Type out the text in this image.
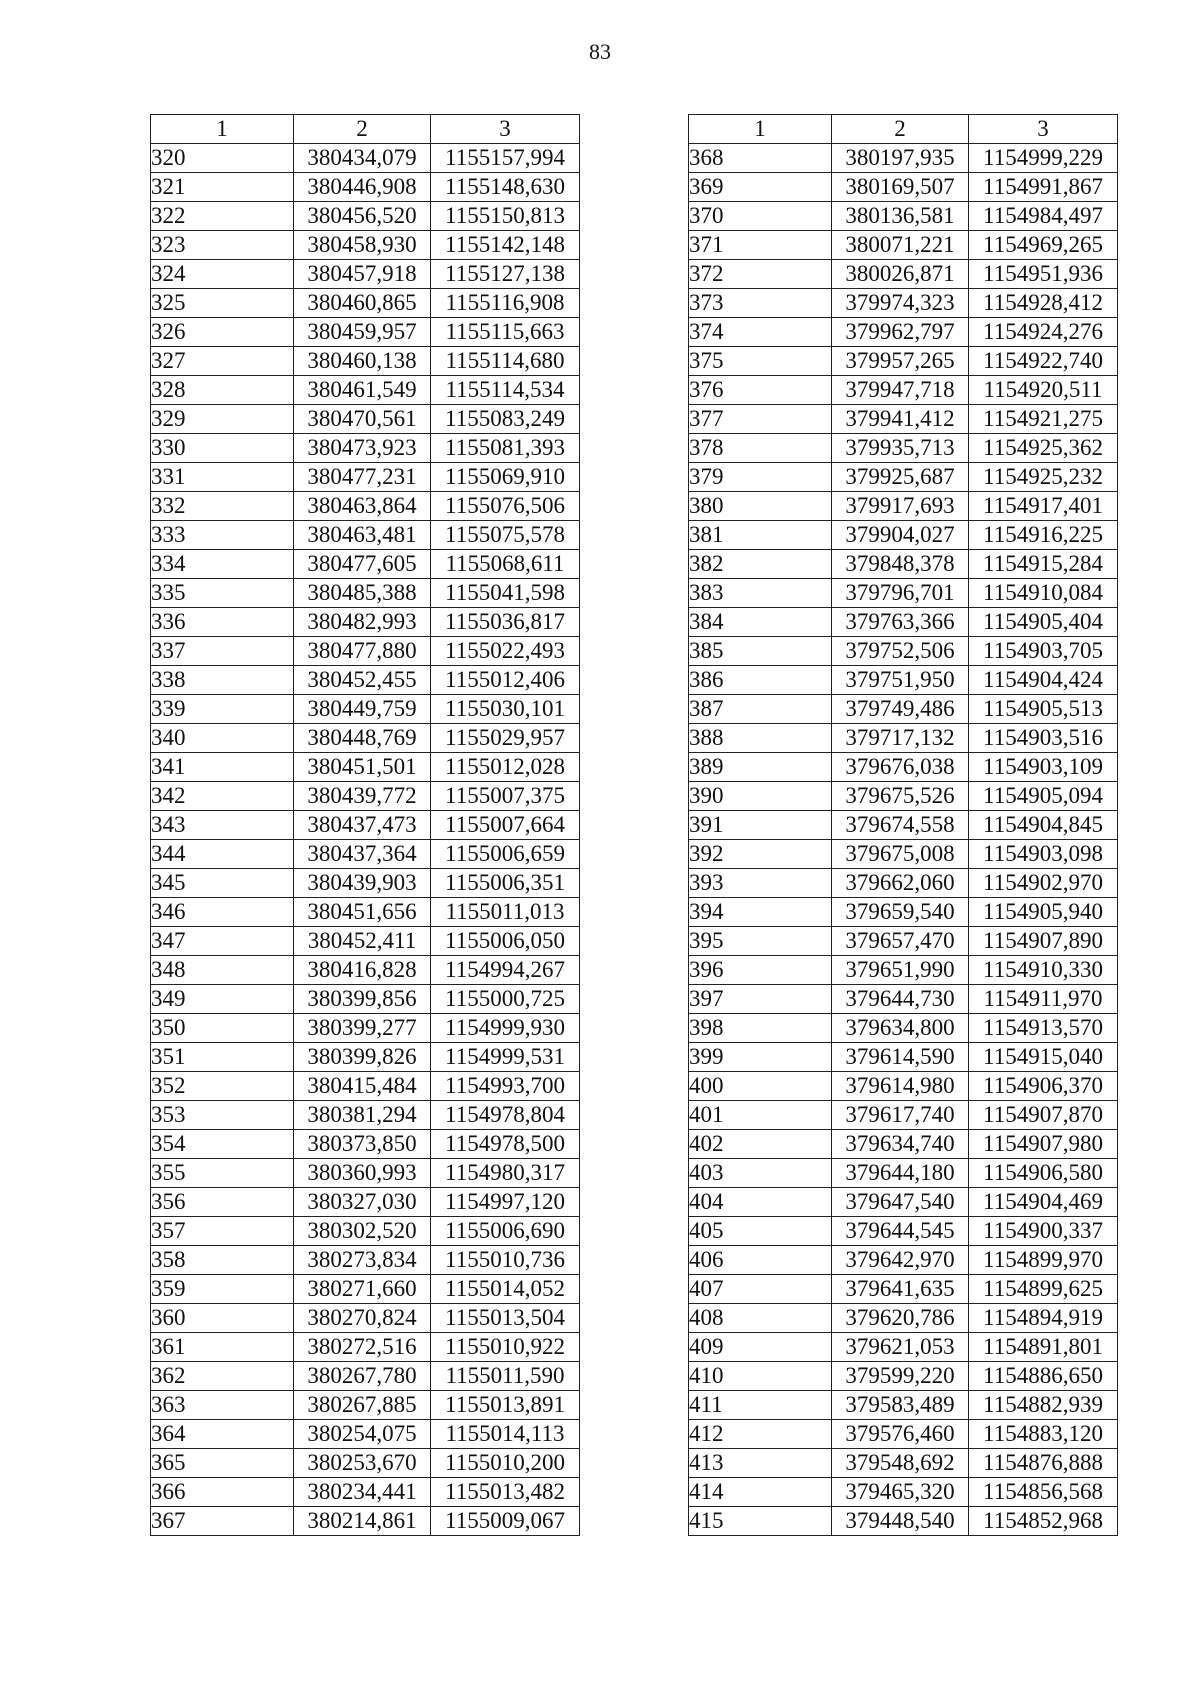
83
1	2	3
320	380434,079	1155157,994
321	380446,908	1155148,630
322	380456,520	1155150,813
323	380458,930	1155142,148
324	380457,918	1155127,138
325	380460,865	1155116,908
326	380459,957	1155115,663
327	380460,138	1155114,680
328	380461,549	1155114,534
329	380470,561	1155083,249
330	380473,923	1155081,393
331	380477,231	1155069,910
332	380463,864	1155076,506
333	380463,481	1155075,578
334	380477,605	1155068,611
335	380485,388	1155041,598
336	380482,993	1155036,817
337	380477,880	1155022,493
338	380452,455	1155012,406
339	380449,759	1155030,101
340	380448,769	1155029,957
341	380451,501	1155012,028
342	380439,772	1155007,375
343	380437,473	1155007,664
344	380437,364	1155006,659
345	380439,903	1155006,351
346	380451,656	1155011,013
347	380452,411	1155006,050
348	380416,828	1154994,267
349	380399,856	1155000,725
350	380399,277	1154999,930
351	380399,826	1154999,531
352	380415,484	1154993,700
353	380381,294	1154978,804
354	380373,850	1154978,500
355	380360,993	1154980,317
356	380327,030	1154997,120
357	380302,520	1155006,690
358	380273,834	1155010,736
359	380271,660	1155014,052
360	380270,824	1155013,504
361	380272,516	1155010,922
362	380267,780	1155011,590
363	380267,885	1155013,891
364	380254,075	1155014,113
365	380253,670	1155010,200
366	380234,441	1155013,482
367	380214,861	1155009,067
1	2	3
368	380197,935	1154999,229
369	380169,507	1154991,867
370	380136,581	1154984,497
371	380071,221	1154969,265
372	380026,871	1154951,936
373	379974,323	1154928,412
374	379962,797	1154924,276
375	379957,265	1154922,740
376	379947,718	1154920,511
377	379941,412	1154921,275
378	379935,713	1154925,362
379	379925,687	1154925,232
380	379917,693	1154917,401
381	379904,027	1154916,225
382	379848,378	1154915,284
383	379796,701	1154910,084
384	379763,366	1154905,404
385	379752,506	1154903,705
386	379751,950	1154904,424
387	379749,486	1154905,513
388	379717,132	1154903,516
389	379676,038	1154903,109
390	379675,526	1154905,094
391	379674,558	1154904,845
392	379675,008	1154903,098
393	379662,060	1154902,970
394	379659,540	1154905,940
395	379657,470	1154907,890
396	379651,990	1154910,330
397	379644,730	1154911,970
398	379634,800	1154913,570
399	379614,590	1154915,040
400	379614,980	1154906,370
401	379617,740	1154907,870
402	379634,740	1154907,980
403	379644,180	1154906,580
404	379647,540	1154904,469
405	379644,545	1154900,337
406	379642,970	1154899,970
407	379641,635	1154899,625
408	379620,786	1154894,919
409	379621,053	1154891,801
410	379599,220	1154886,650
411	379583,489	1154882,939
412	379576,460	1154883,120
413	379548,692	1154876,888
414	379465,320	1154856,568
415	379448,540	1154852,968
